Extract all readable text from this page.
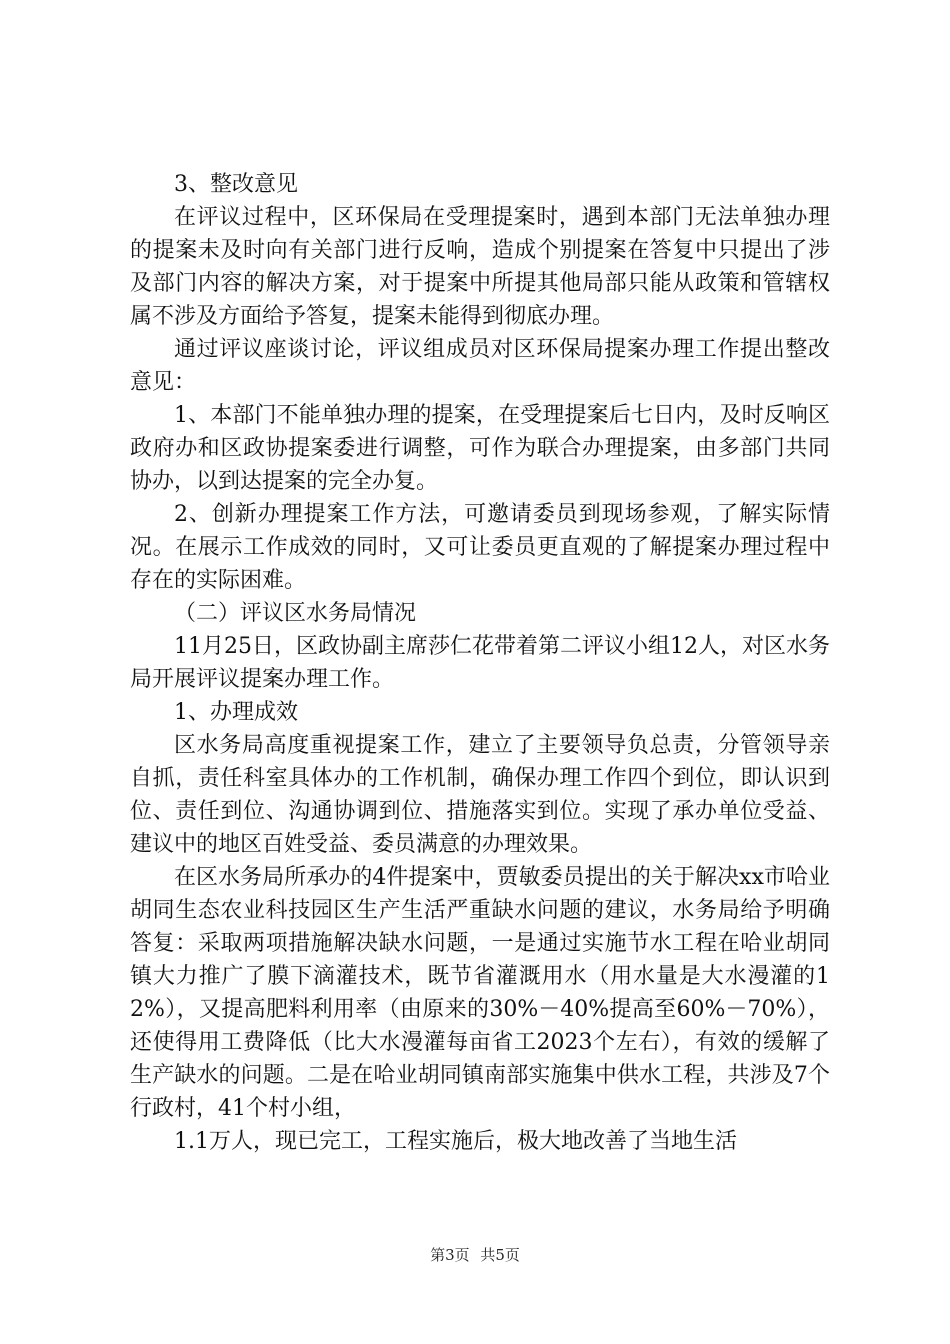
3、整改意见

在评议过程中，区环保局在受理提案时，遇到本部门无法单独办理的提案未及时向有关部门进行反响，造成个别提案在答复中只提出了涉及部门内容的解决方案，对于提案中所提其他局部只能从政策和管辖权属不涉及方面给予答复，提案未能得到彻底办理。

通过评议座谈讨论，评议组成员对区环保局提案办理工作提出整改意见：

1、本部门不能单独办理的提案，在受理提案后七日内，及时反响区政府办和区政协提案委进行调整，可作为联合办理提案，由多部门共同协办，以到达提案的完全办复。

2、创新办理提案工作方法，可邀请委员到现场参观，了解实际情况。在展示工作成效的同时，又可让委员更直观的了解提案办理过程中存在的实际困难。

（二）评议区水务局情况

11月25日，区政协副主席莎仁花带着第二评议小组12人，对区水务局开展评议提案办理工作。

1、办理成效

区水务局高度重视提案工作，建立了主要领导负总责，分管领导亲自抓，责任科室具体办的工作机制，确保办理工作四个到位，即认识到位、责任到位、沟通协调到位、措施落实到位。实现了承办单位受益、建议中的地区百姓受益、委员满意的办理效果。

在区水务局所承办的4件提案中，贾敏委员提出的关于解决xx市哈业胡同生态农业科技园区生产生活严重缺水问题的建议，水务局给予明确答复：采取两项措施解决缺水问题，一是通过实施节水工程在哈业胡同镇大力推广了膜下滴灌技术，既节省灌溉用水（用水量是大水漫灌的12%），又提高肥料利用率（由原来的30%－40%提高至60%－70%），还使得用工费降低（比大水漫灌每亩省工2023个左右），有效的缓解了生产缺水的问题。二是在哈业胡同镇南部实施集中供水工程，共涉及7个行政村，41个村小组，

1.1万人，现已完工，工程实施后，极大地改善了当地生活

第3页 共5页
